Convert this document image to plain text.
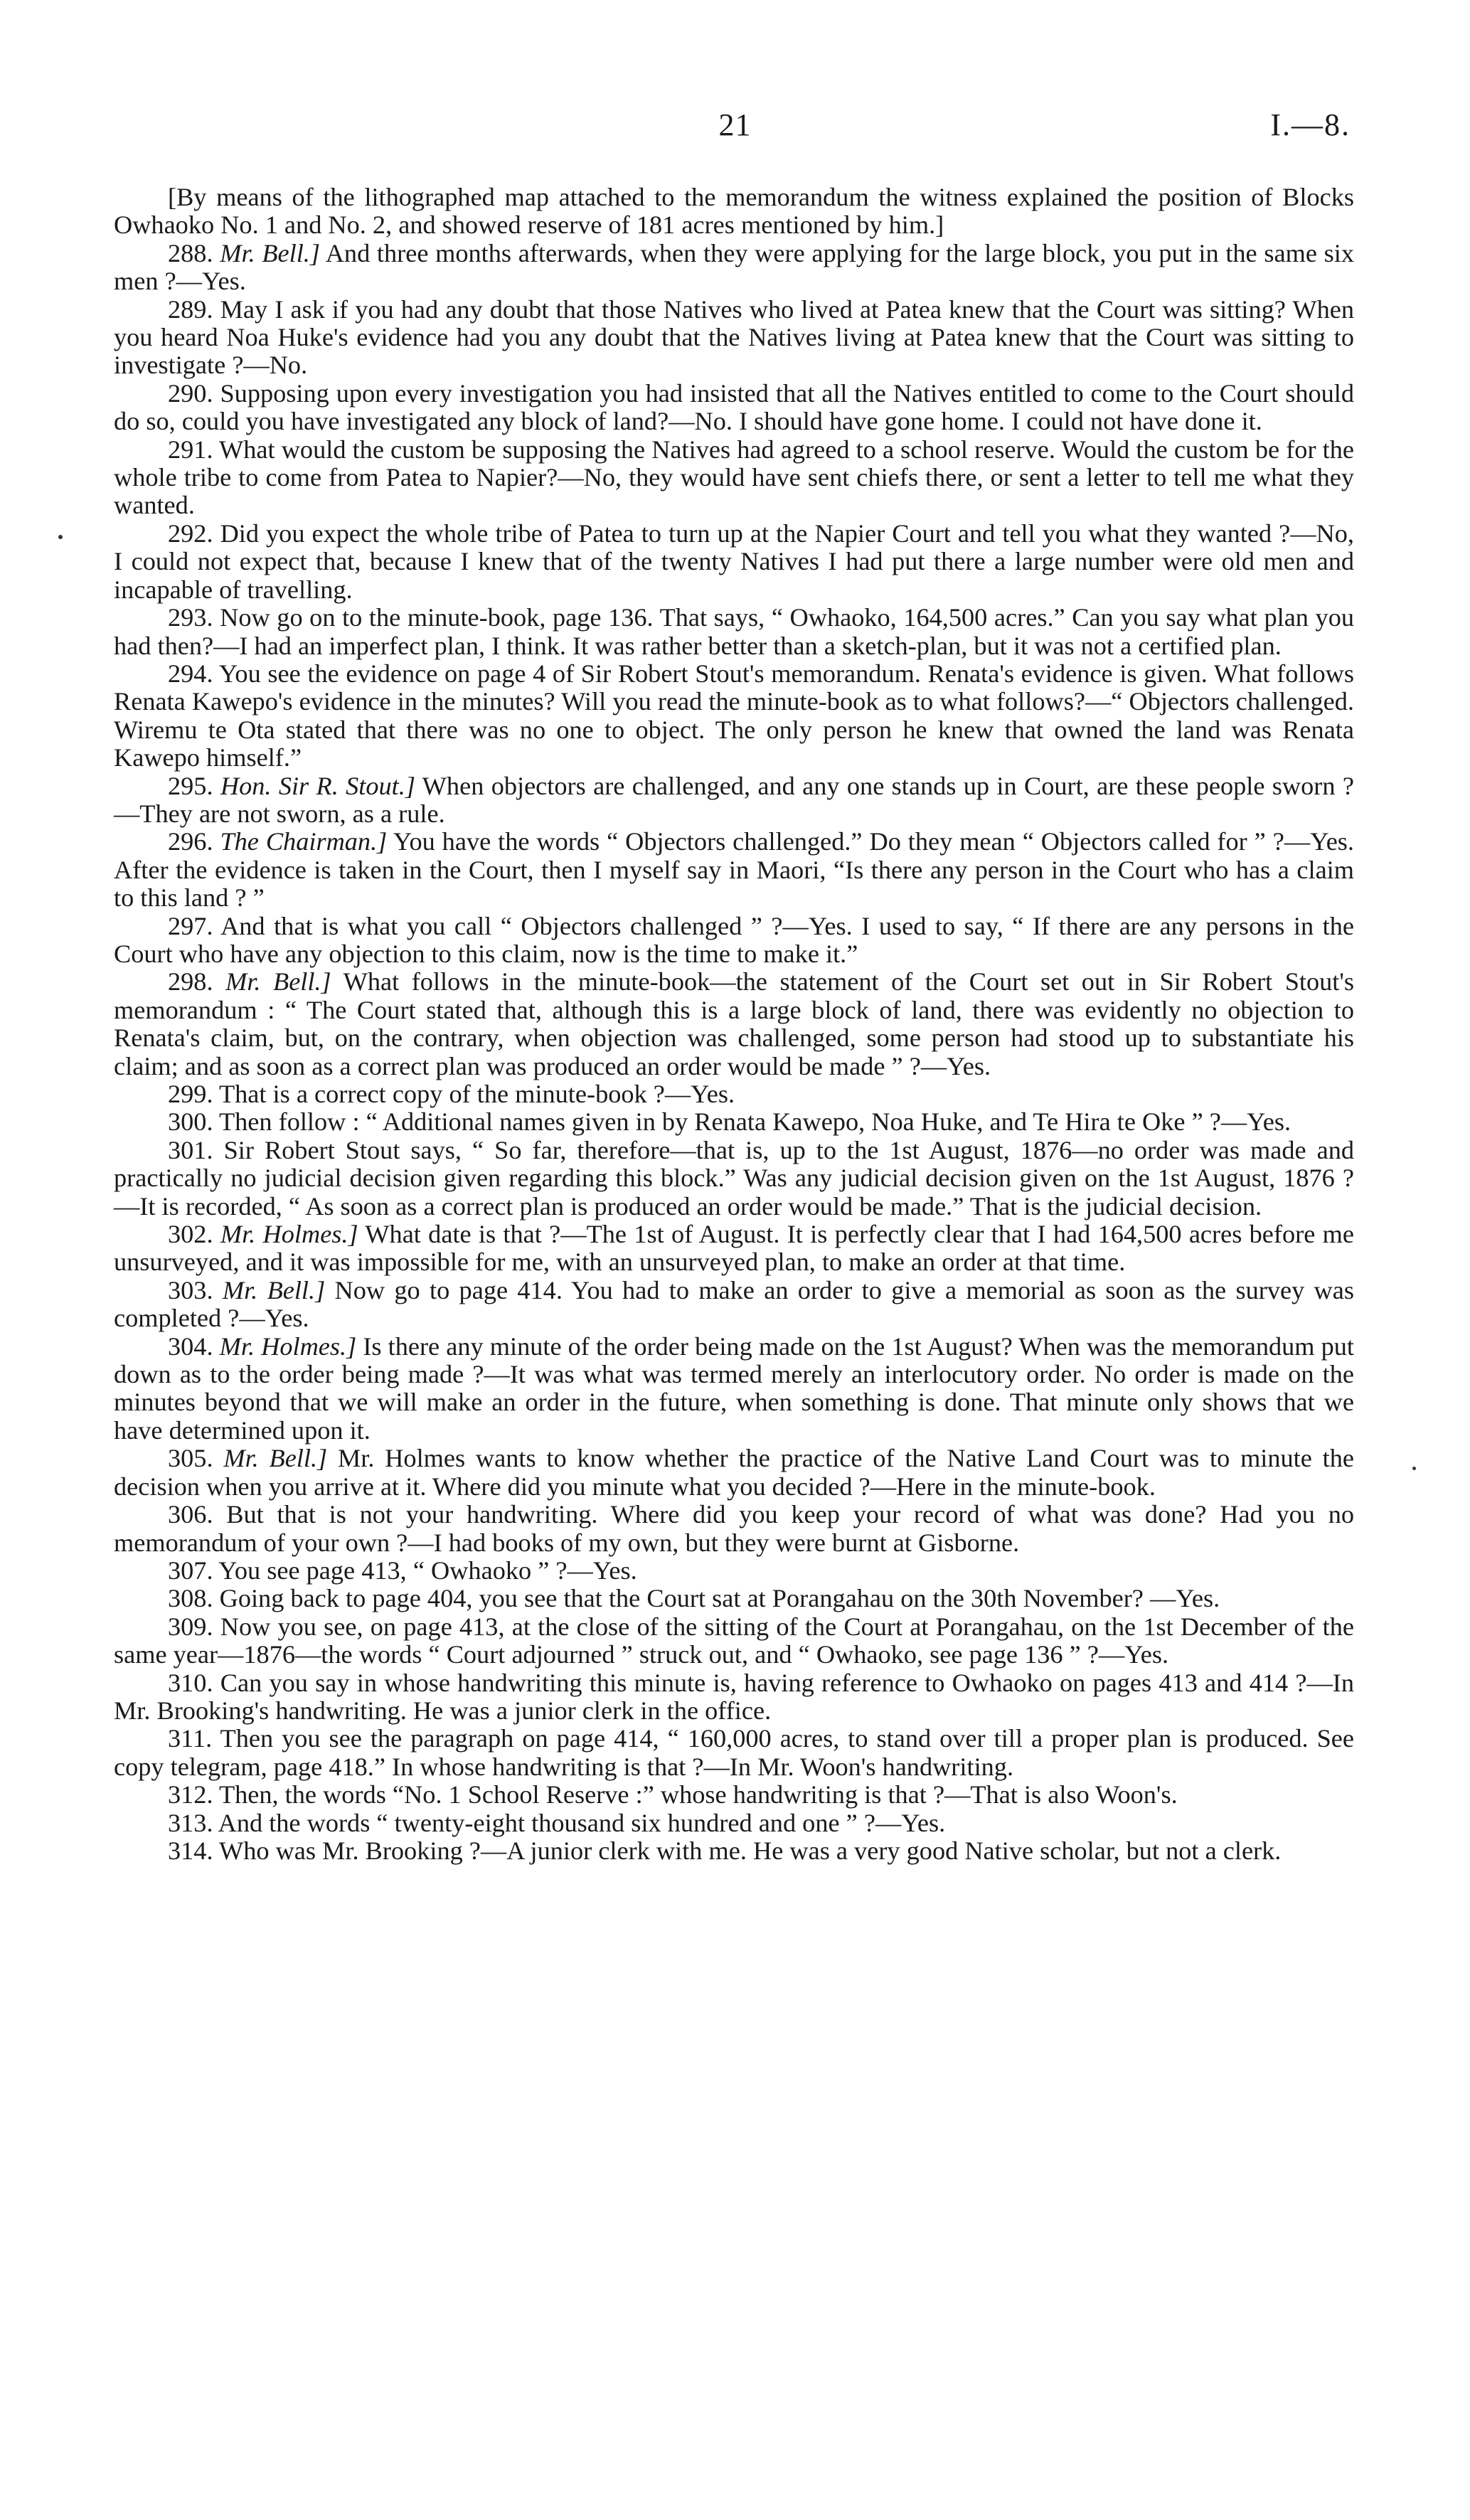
21	I.—8.

[By means of the lithographed map attached to the memorandum the witness explained the position of Blocks Owhaoko No. 1 and No. 2, and showed reserve of 181 acres mentioned by him.]

288. Mr. Bell.] And three months afterwards, when they were applying for the large block, you put in the same six men ?—Yes.

289. May I ask if you had any doubt that those Natives who lived at Patea knew that the Court was sitting? When you heard Noa Huke's evidence had you any doubt that the Natives living at Patea knew that the Court was sitting to investigate ?—No.

290. Supposing upon every investigation you had insisted that all the Natives entitled to come to the Court should do so, could you have investigated any block of land?—No. I should have gone home. I could not have done it.

291. What would the custom be supposing the Natives had agreed to a school reserve. Would the custom be for the whole tribe to come from Patea to Napier?—No, they would have sent chiefs there, or sent a letter to tell me what they wanted.

292. Did you expect the whole tribe of Patea to turn up at the Napier Court and tell you what they wanted ?—No, I could not expect that, because I knew that of the twenty Natives I had put there a large number were old men and incapable of travelling.

293. Now go on to the minute-book, page 136. That says, “ Owhaoko, 164,500 acres.” Can you say what plan you had then?—I had an imperfect plan, I think. It was rather better than a sketch-plan, but it was not a certified plan.

294. You see the evidence on page 4 of Sir Robert Stout's memorandum. Renata's evidence is given. What follows Renata Kawepo's evidence in the minutes? Will you read the minute-book as to what follows?—“ Objectors challenged. Wiremu te Ota stated that there was no one to object. The only person he knew that owned the land was Renata Kawepo himself.”

295. Hon. Sir R. Stout.] When objectors are challenged, and any one stands up in Court, are these people sworn ?—They are not sworn, as a rule.

296. The Chairman.] You have the words “ Objectors challenged.” Do they mean “ Objectors called for ” ?—Yes. After the evidence is taken in the Court, then I myself say in Maori, “Is there any person in the Court who has a claim to this land ? ”

297. And that is what you call “ Objectors challenged ” ?—Yes. I used to say, “ If there are any persons in the Court who have any objection to this claim, now is the time to make it.”

298. Mr. Bell.] What follows in the minute-book—the statement of the Court set out in Sir Robert Stout's memorandum : “ The Court stated that, although this is a large block of land, there was evidently no objection to Renata's claim, but, on the contrary, when objection was challenged, some person had stood up to substantiate his claim; and as soon as a correct plan was produced an order would be made ” ?—Yes.

299. That is a correct copy of the minute-book ?—Yes.

300. Then follow : “ Additional names given in by Renata Kawepo, Noa Huke, and Te Hira te Oke ” ?—Yes.

301. Sir Robert Stout says, “ So far, therefore—that is, up to the 1st August, 1876—no order was made and practically no judicial decision given regarding this block.” Was any judicial decision given on the 1st August, 1876 ?—It is recorded, “ As soon as a correct plan is produced an order would be made.” That is the judicial decision.

302. Mr. Holmes.] What date is that ?—The 1st of August. It is perfectly clear that I had 164,500 acres before me unsurveyed, and it was impossible for me, with an unsurveyed plan, to make an order at that time.

303. Mr. Bell.] Now go to page 414. You had to make an order to give a memorial as soon as the survey was completed ?—Yes.

304. Mr. Holmes.] Is there any minute of the order being made on the 1st August? When was the memorandum put down as to the order being made ?—It was what was termed merely an interlocutory order. No order is made on the minutes beyond that we will make an order in the future, when something is done. That minute only shows that we have determined upon it.

305. Mr. Bell.] Mr. Holmes wants to know whether the practice of the Native Land Court was to minute the decision when you arrive at it. Where did you minute what you decided ?—Here in the minute-book.

306. But that is not your handwriting. Where did you keep your record of what was done? Had you no memorandum of your own ?—I had books of my own, but they were burnt at Gisborne.

307. You see page 413, “ Owhaoko ” ?—Yes.

308. Going back to page 404, you see that the Court sat at Porangahau on the 30th November? —Yes.

309. Now you see, on page 413, at the close of the sitting of the Court at Porangahau, on the 1st December of the same year—1876—the words “ Court adjourned ” struck out, and “ Owhaoko, see page 136 ” ?—Yes.

310. Can you say in whose handwriting this minute is, having reference to Owhaoko on pages 413 and 414 ?—In Mr. Brooking's handwriting. He was a junior clerk in the office.

311. Then you see the paragraph on page 414, “ 160,000 acres, to stand over till a proper plan is produced. See copy telegram, page 418.” In whose handwriting is that ?—In Mr. Woon's handwriting.

312. Then, the words “No. 1 School Reserve :” whose handwriting is that ?—That is also Woon's.

313. And the words “ twenty-eight thousand six hundred and one ” ?—Yes.

314. Who was Mr. Brooking ?—A junior clerk with me. He was a very good Native scholar, but not a clerk.
